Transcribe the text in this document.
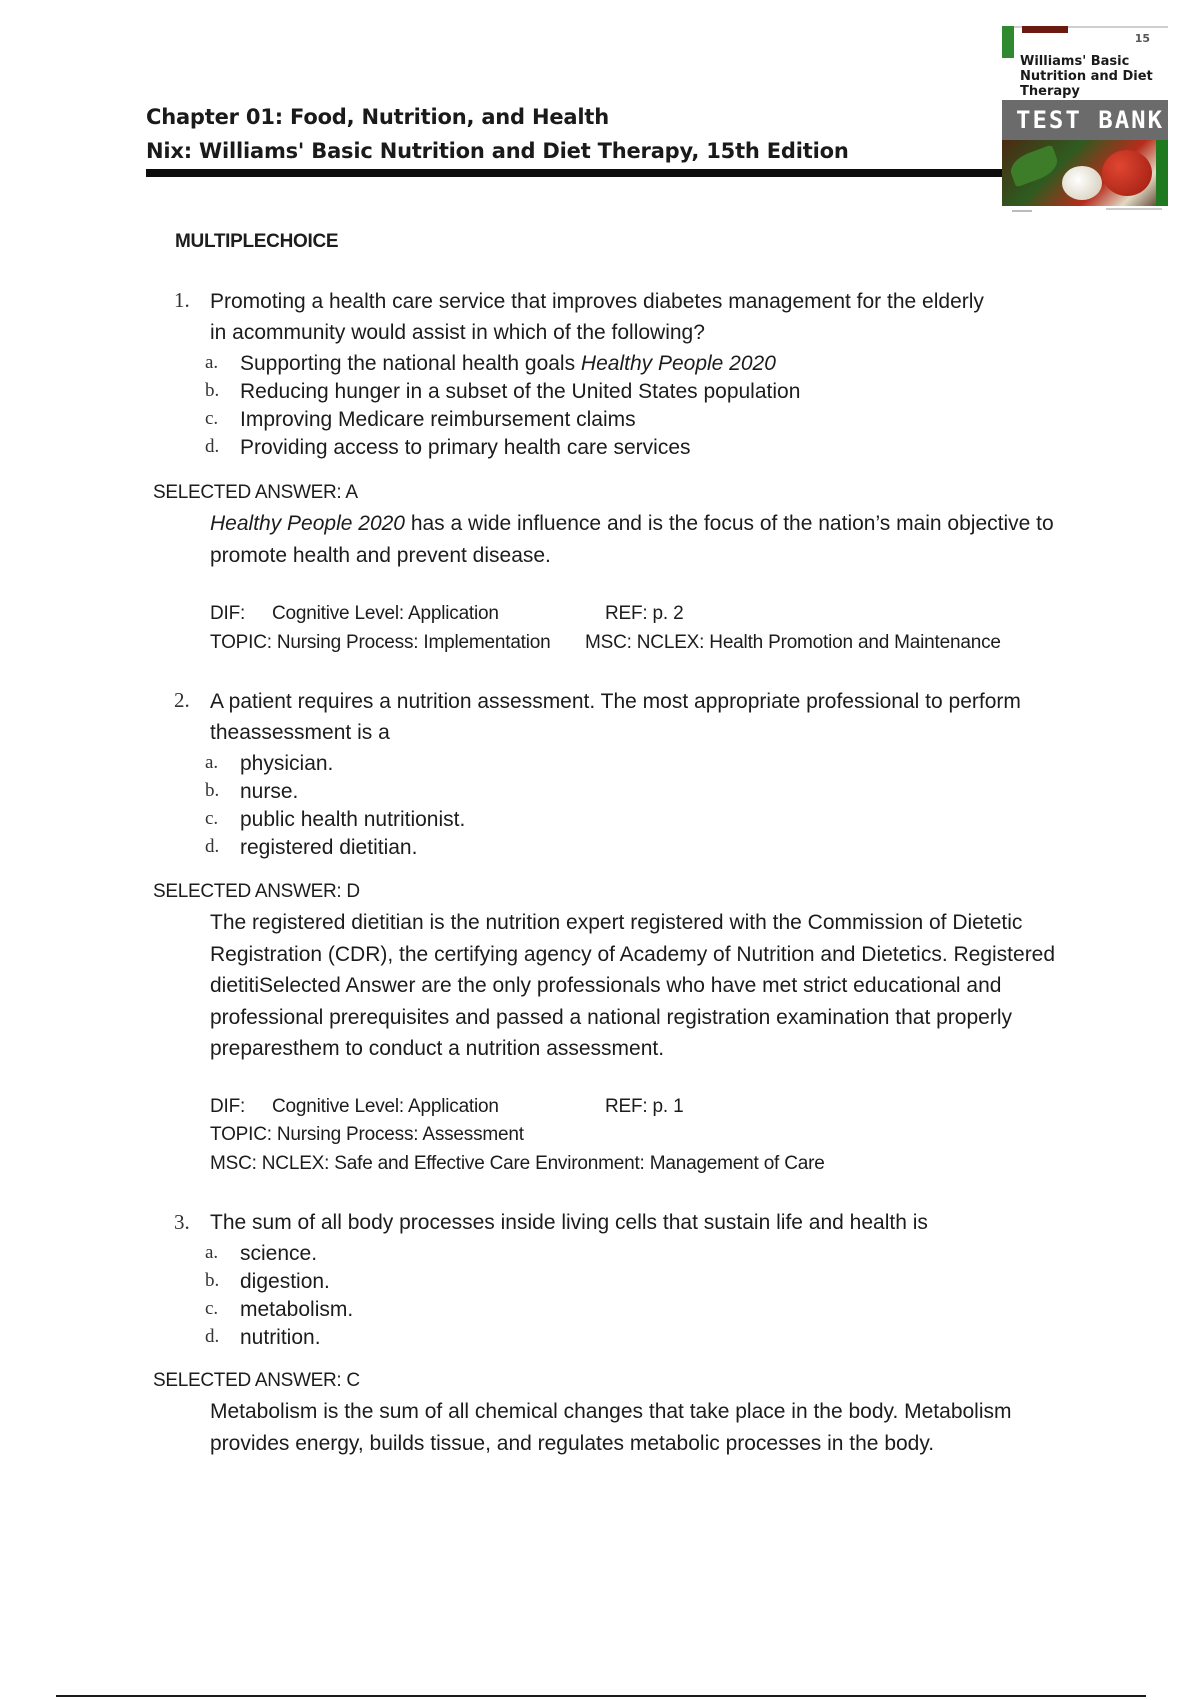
Chapter 01: Food, Nutrition, and Health
Nix: Williams' Basic Nutrition and Diet Therapy, 15th Edition
15
Williams' Basic Nutrition and Diet Therapy
TEST BANK
MULTIPLECHOICE
1. Promoting a health care service that improves diabetes management for the elderly
in acommunity would assist in which of the following?
a. Supporting the national health goals Healthy People 2020
b. Reducing hunger in a subset of the United States population
c. Improving Medicare reimbursement claims
d. Providing access to primary health care services
SELECTED ANSWER: A
Healthy People 2020 has a wide influence and is the focus of the nation’s main objective to
promote health and prevent disease.
DIF: Cognitive Level: Application	REF: p. 2
TOPIC: Nursing Process: Implementation MSC: NCLEX: Health Promotion and Maintenance
2. A patient requires a nutrition assessment. The most appropriate professional to perform
theassessment is a
a. physician.
b. nurse.
c. public health nutritionist.
d. registered dietitian.
SELECTED ANSWER: D
The registered dietitian is the nutrition expert registered with the Commission of Dietetic
Registration (CDR), the certifying agency of Academy of Nutrition and Dietetics. Registered
dietitiSelected Answer are the only professionals who have met strict educational and
professional prerequisites and passed a national registration examination that properly
preparesthem to conduct a nutrition assessment.
DIF: Cognitive Level: Application	REF: p. 1
TOPIC: Nursing Process: Assessment
MSC: NCLEX: Safe and Effective Care Environment: Management of Care
3. The sum of all body processes inside living cells that sustain life and health is
a. science.
b. digestion.
c. metabolism.
d. nutrition.
SELECTED ANSWER: C
Metabolism is the sum of all chemical changes that take place in the body. Metabolism
provides energy, builds tissue, and regulates metabolic processes in the body.
